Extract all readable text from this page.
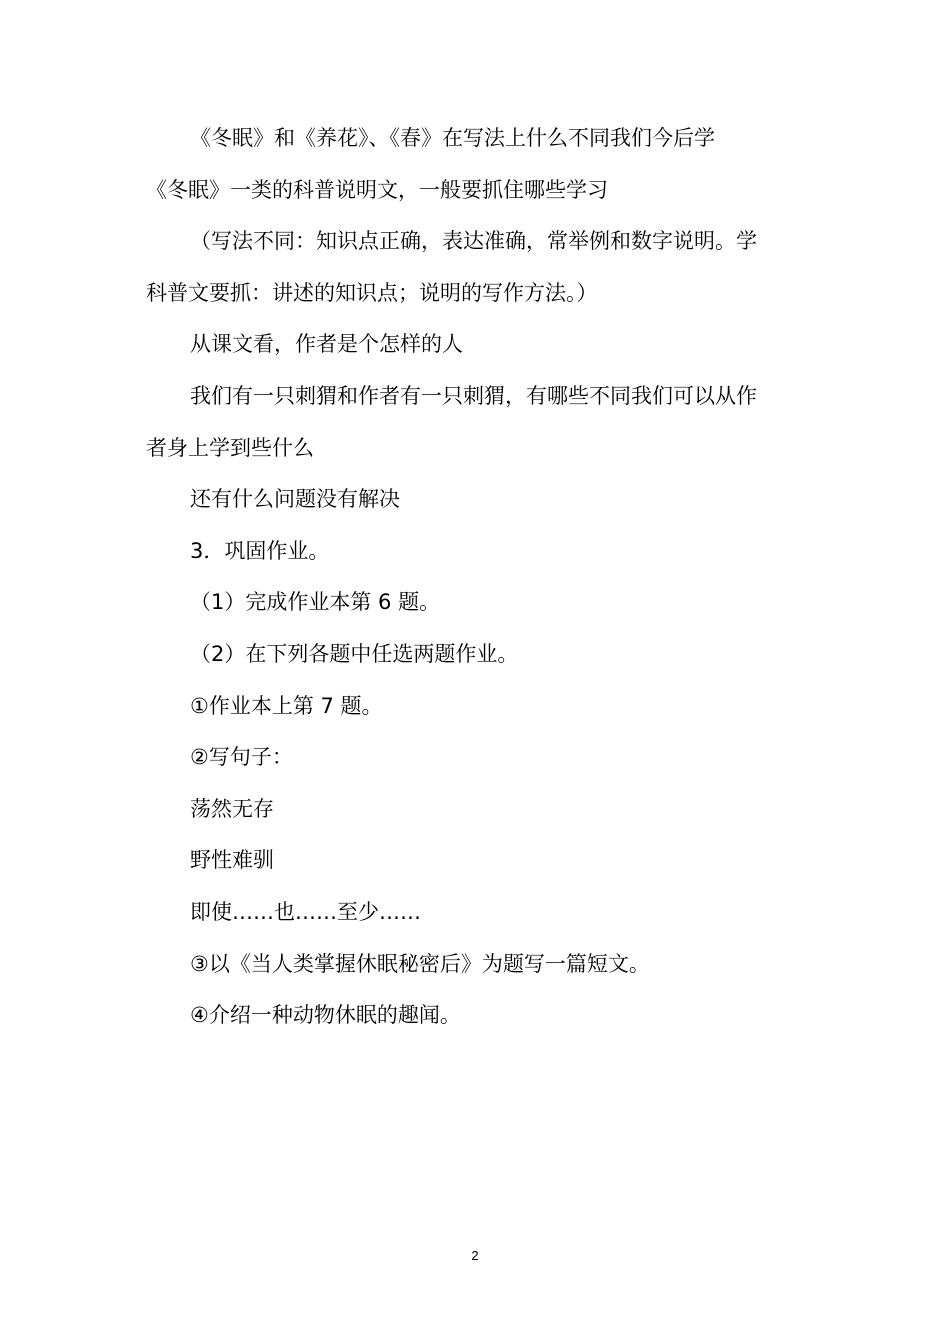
《冬眠》和《养花》、《春》在写法上什么不同我们今后学

《冬眠》一类的科普说明文，一般要抓住哪些学习

（写法不同：知识点正确，表达准确，常举例和数字说明。学

科普文要抓：讲述的知识点；说明的写作方法。）

从课文看，作者是个怎样的人

我们有一只刺猬和作者有一只刺猬，有哪些不同我们可以从作

者身上学到些什么

还有什么问题没有解决

3．巩固作业。

（1）完成作业本第 6 题。

（2）在下列各题中任选两题作业。

①作业本上第 7 题。

②写句子：

荡然无存

野性难驯

即使……也……至少……

③以《当人类掌握休眠秘密后》为题写一篇短文。

④介绍一种动物休眠的趣闻。

2
